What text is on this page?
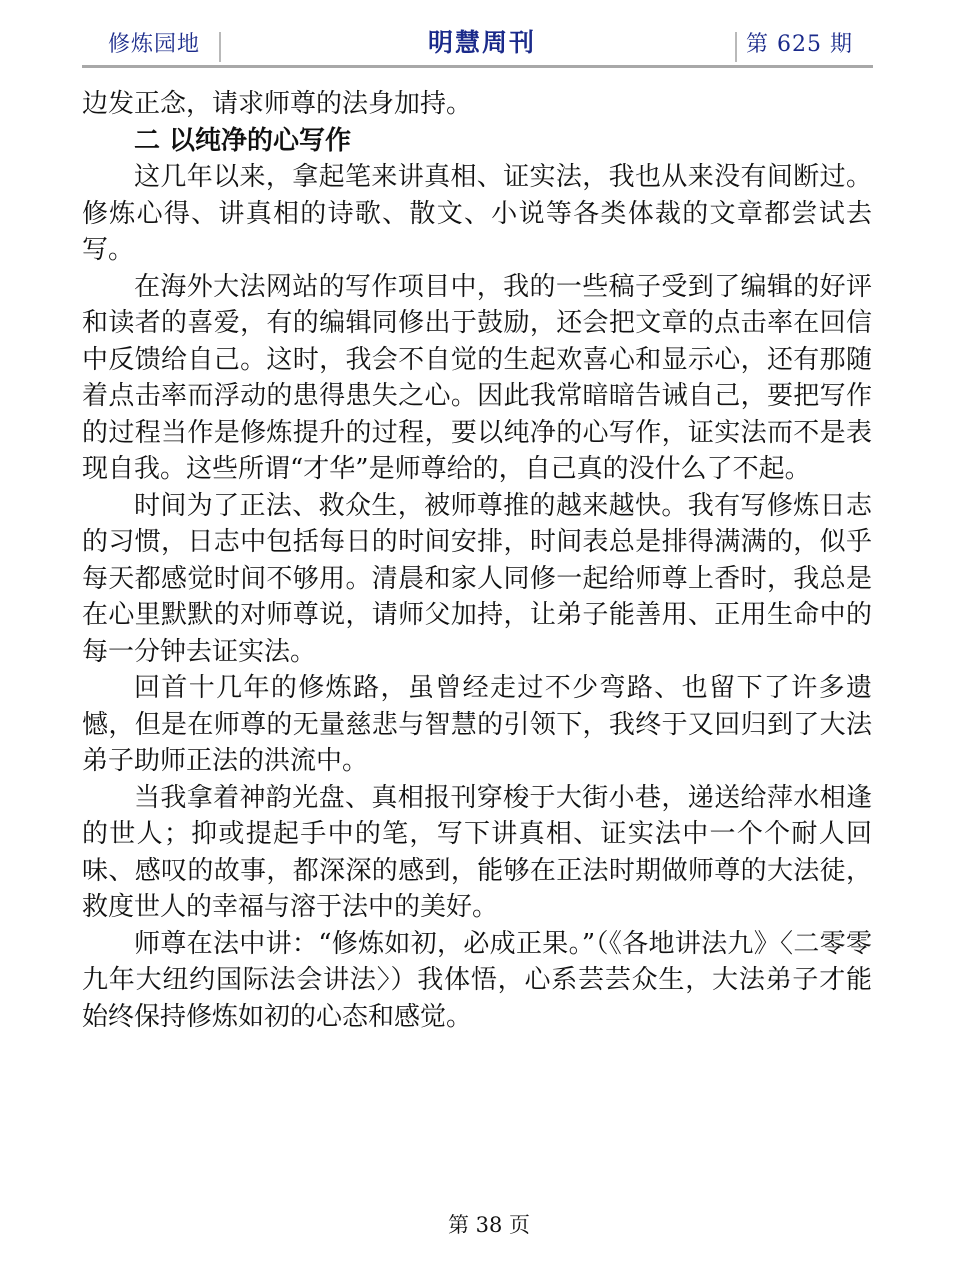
修炼园地	明慧周刊	第 625 期

边发正念，请求师尊的法身加持。

二 以纯净的心写作

这几年以来，拿起笔来讲真相、证实法，我也从来没有间断过。修炼心得、讲真相的诗歌、散文、小说等各类体裁的文章都尝试去写。

在海外大法网站的写作项目中，我的一些稿子受到了编辑的好评和读者的喜爱，有的编辑同修出于鼓励，还会把文章的点击率在回信中反馈给自己。这时，我会不自觉的生起欢喜心和显示心，还有那随着点击率而浮动的患得患失之心。因此我常暗暗告诫自己，要把写作的过程当作是修炼提升的过程，要以纯净的心写作，证实法而不是表现自我。这些所谓“才华”是师尊给的，自己真的没什么了不起。

时间为了正法、救众生，被师尊推的越来越快。我有写修炼日志的习惯，日志中包括每日的时间安排，时间表总是排得满满的，似乎每天都感觉时间不够用。清晨和家人同修一起给师尊上香时，我总是在心里默默的对师尊说，请师父加持，让弟子能善用、正用生命中的每一分钟去证实法。

回首十几年的修炼路，虽曾经走过不少弯路、也留下了许多遗憾，但是在师尊的无量慈悲与智慧的引领下，我终于又回归到了大法弟子助师正法的洪流中。

当我拿着神韵光盘、真相报刊穿梭于大街小巷，递送给萍水相逢的世人；抑或提起手中的笔，写下讲真相、证实法中一个个耐人回味、感叹的故事，都深深的感到，能够在正法时期做师尊的大法徒，救度世人的幸福与溶于法中的美好。

师尊在法中讲：“修炼如初，必成正果。”（《各地讲法九》〈二零零九年大纽约国际法会讲法〉）我体悟，心系芸芸众生，大法弟子才能始终保持修炼如初的心态和感觉。

第 38 页
